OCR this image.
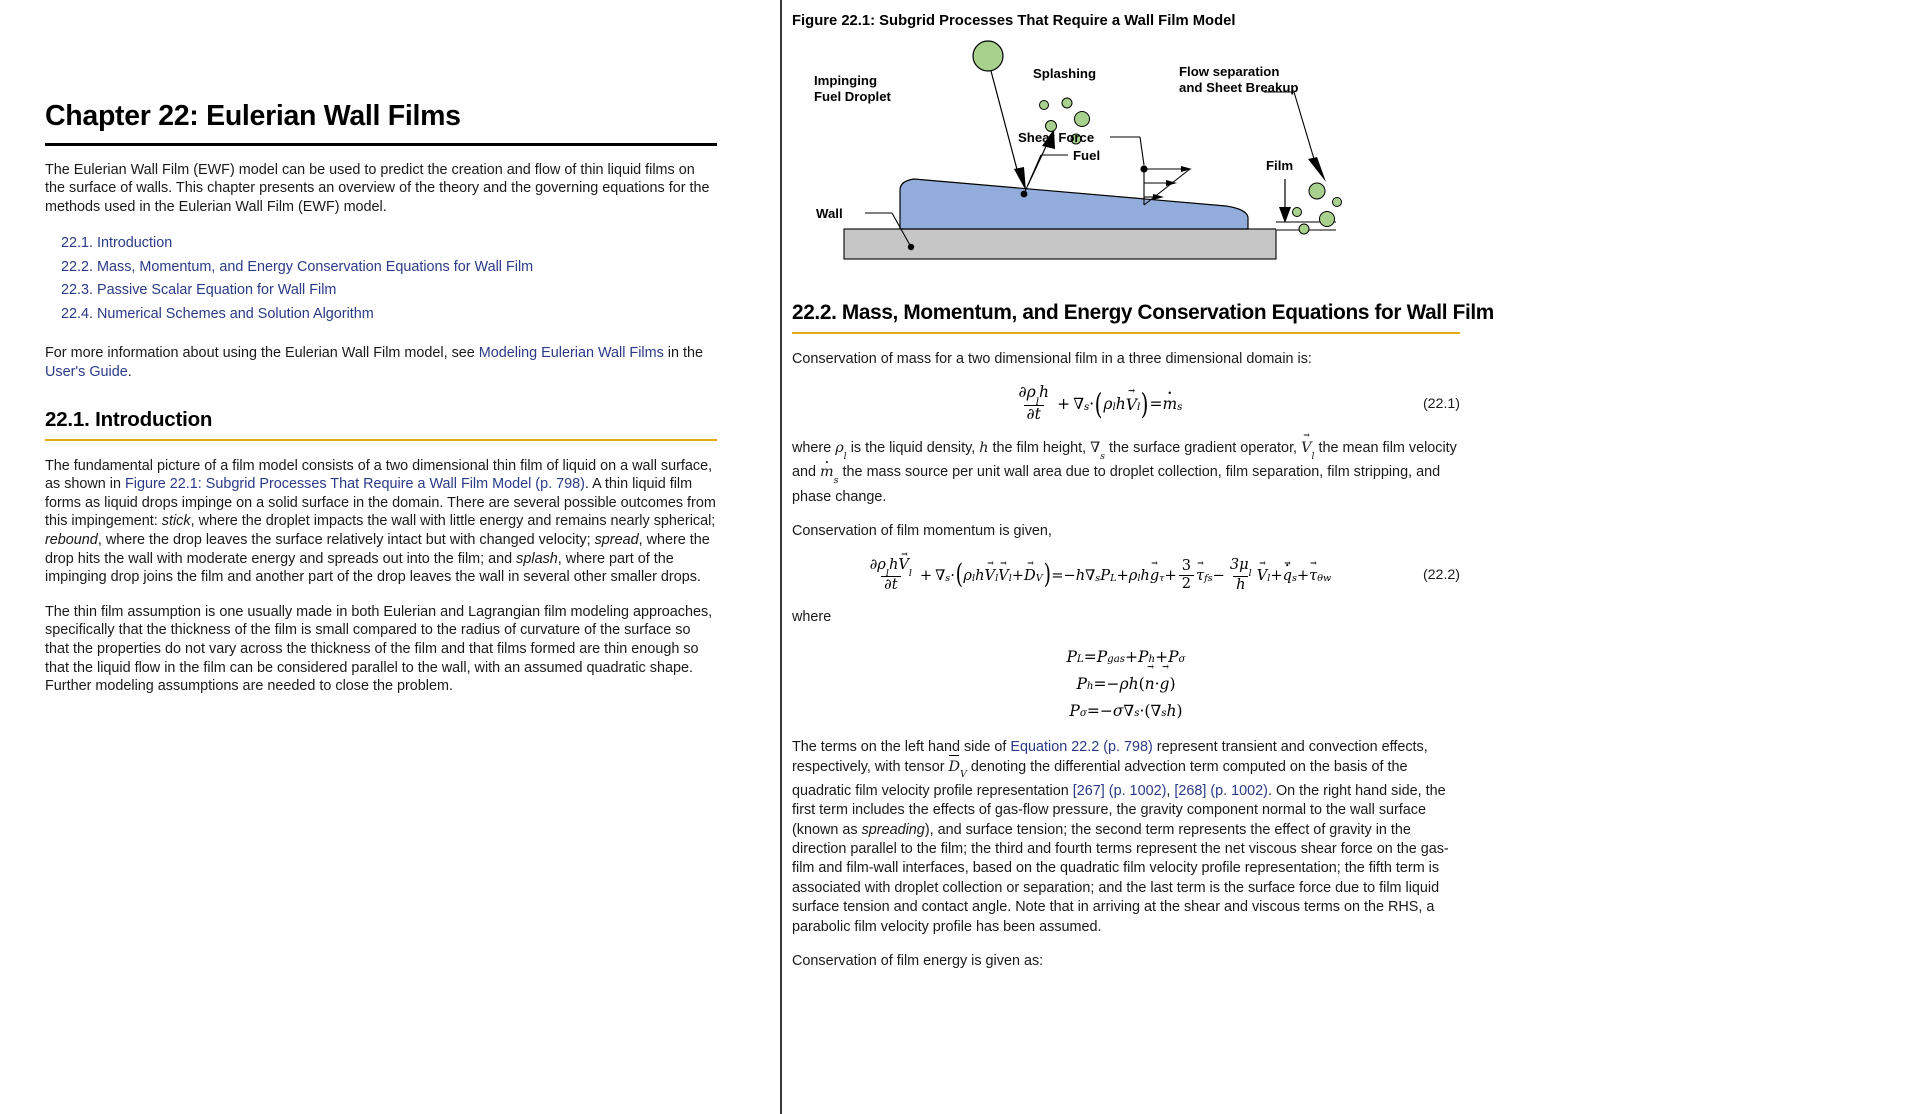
Chapter 22: Eulerian Wall Films

The Eulerian Wall Film (EWF) model can be used to predict the creation and flow of thin liquid films on the surface of walls. This chapter presents an overview of the theory and the governing equations for the methods used in the Eulerian Wall Film (EWF) model.

22.1. Introduction
22.2. Mass, Momentum, and Energy Conservation Equations for Wall Film
22.3. Passive Scalar Equation for Wall Film
22.4. Numerical Schemes and Solution Algorithm

For more information about using the Eulerian Wall Film model, see Modeling Eulerian Wall Films in the User's Guide.

22.1. Introduction

The fundamental picture of a film model consists of a two dimensional thin film of liquid on a wall surface, as shown in Figure 22.1: Subgrid Processes That Require a Wall Film Model (p. 798). A thin liquid film forms as liquid drops impinge on a solid surface in the domain. There are several possible outcomes from this impingement: stick, where the droplet impacts the wall with little energy and remains nearly spherical; rebound, where the drop leaves the surface relatively intact but with changed velocity; spread, where the drop hits the wall with moderate energy and spreads out into the film; and splash, where part of the impinging drop joins the film and another part of the drop leaves the wall in several other smaller drops.

The thin film assumption is one usually made in both Eulerian and Lagrangian film modeling approaches, specifically that the thickness of the film is small compared to the radius of curvature of the surface so that the properties do not vary across the thickness of the film and that films formed are thin enough so that the liquid flow in the film can be considered parallel to the wall, with an assumed quadratic shape. Further modeling assumptions are needed to close the problem.

Figure 22.1: Subgrid Processes That Require a Wall Film Model
Impinging
Fuel Droplet
Splashing
Wall
Fuel
Shear Force
Flow separation
and Sheet Breakup
Film
22.2. Mass, Momentum, and Energy Conservation Equations for Wall Film

Conservation of mass for a two dimensional film in a three dimensional domain is:

$\frac{\partial\rho_lh}{\partial t}$  +  ∇ s · ( ρ l h → V l ) = • m s	(22.1)

where $\rho_l$ is the liquid density, h the film height, $\nabla_s$ the surface gradient operator, → $V_l$ the mean film velocity and • $m_s$ the mass source per unit wall area due to droplet collection, film separation, film stripping, and phase change.

Conservation of film momentum is given,

$\frac{\partial\rho_lh\to V_l}{\partial t}$  +  ∇ s · ( ρ l h → V l → V l + → D V ) =− h∇ s P L + ρ l h → g $\tau + \frac{3}{2} \to \tau$ fs − $\frac{3\mu_l}{h} \to V$ l + • → q s + → τ θw	(22.2)

where

P L = P gas + P h + P σ
P h =− ρh ( → n · → g )
P σ =− σ∇ s ·( ∇ s h )

The terms on the left hand side of Equation 22.2 (p. 798) represent transient and convection effects, respectively, with tensor $D_V$ denoting the differential advection term computed on the basis of the quadratic film velocity profile representation [267] (p. 1002), [268] (p. 1002). On the right hand side, the first term includes the effects of gas-flow pressure, the gravity component normal to the wall surface (known as spreading), and surface tension; the second term represents the effect of gravity in the direction parallel to the film; the third and fourth terms represent the net viscous shear force on the gas-film and film-wall interfaces, based on the quadratic film velocity profile representation; the fifth term is associated with droplet collection or separation; and the last term is the surface force due to film liquid surface tension and contact angle. Note that in arriving at the shear and viscous terms on the RHS, a parabolic film velocity profile has been assumed.

Conservation of film energy is given as:
